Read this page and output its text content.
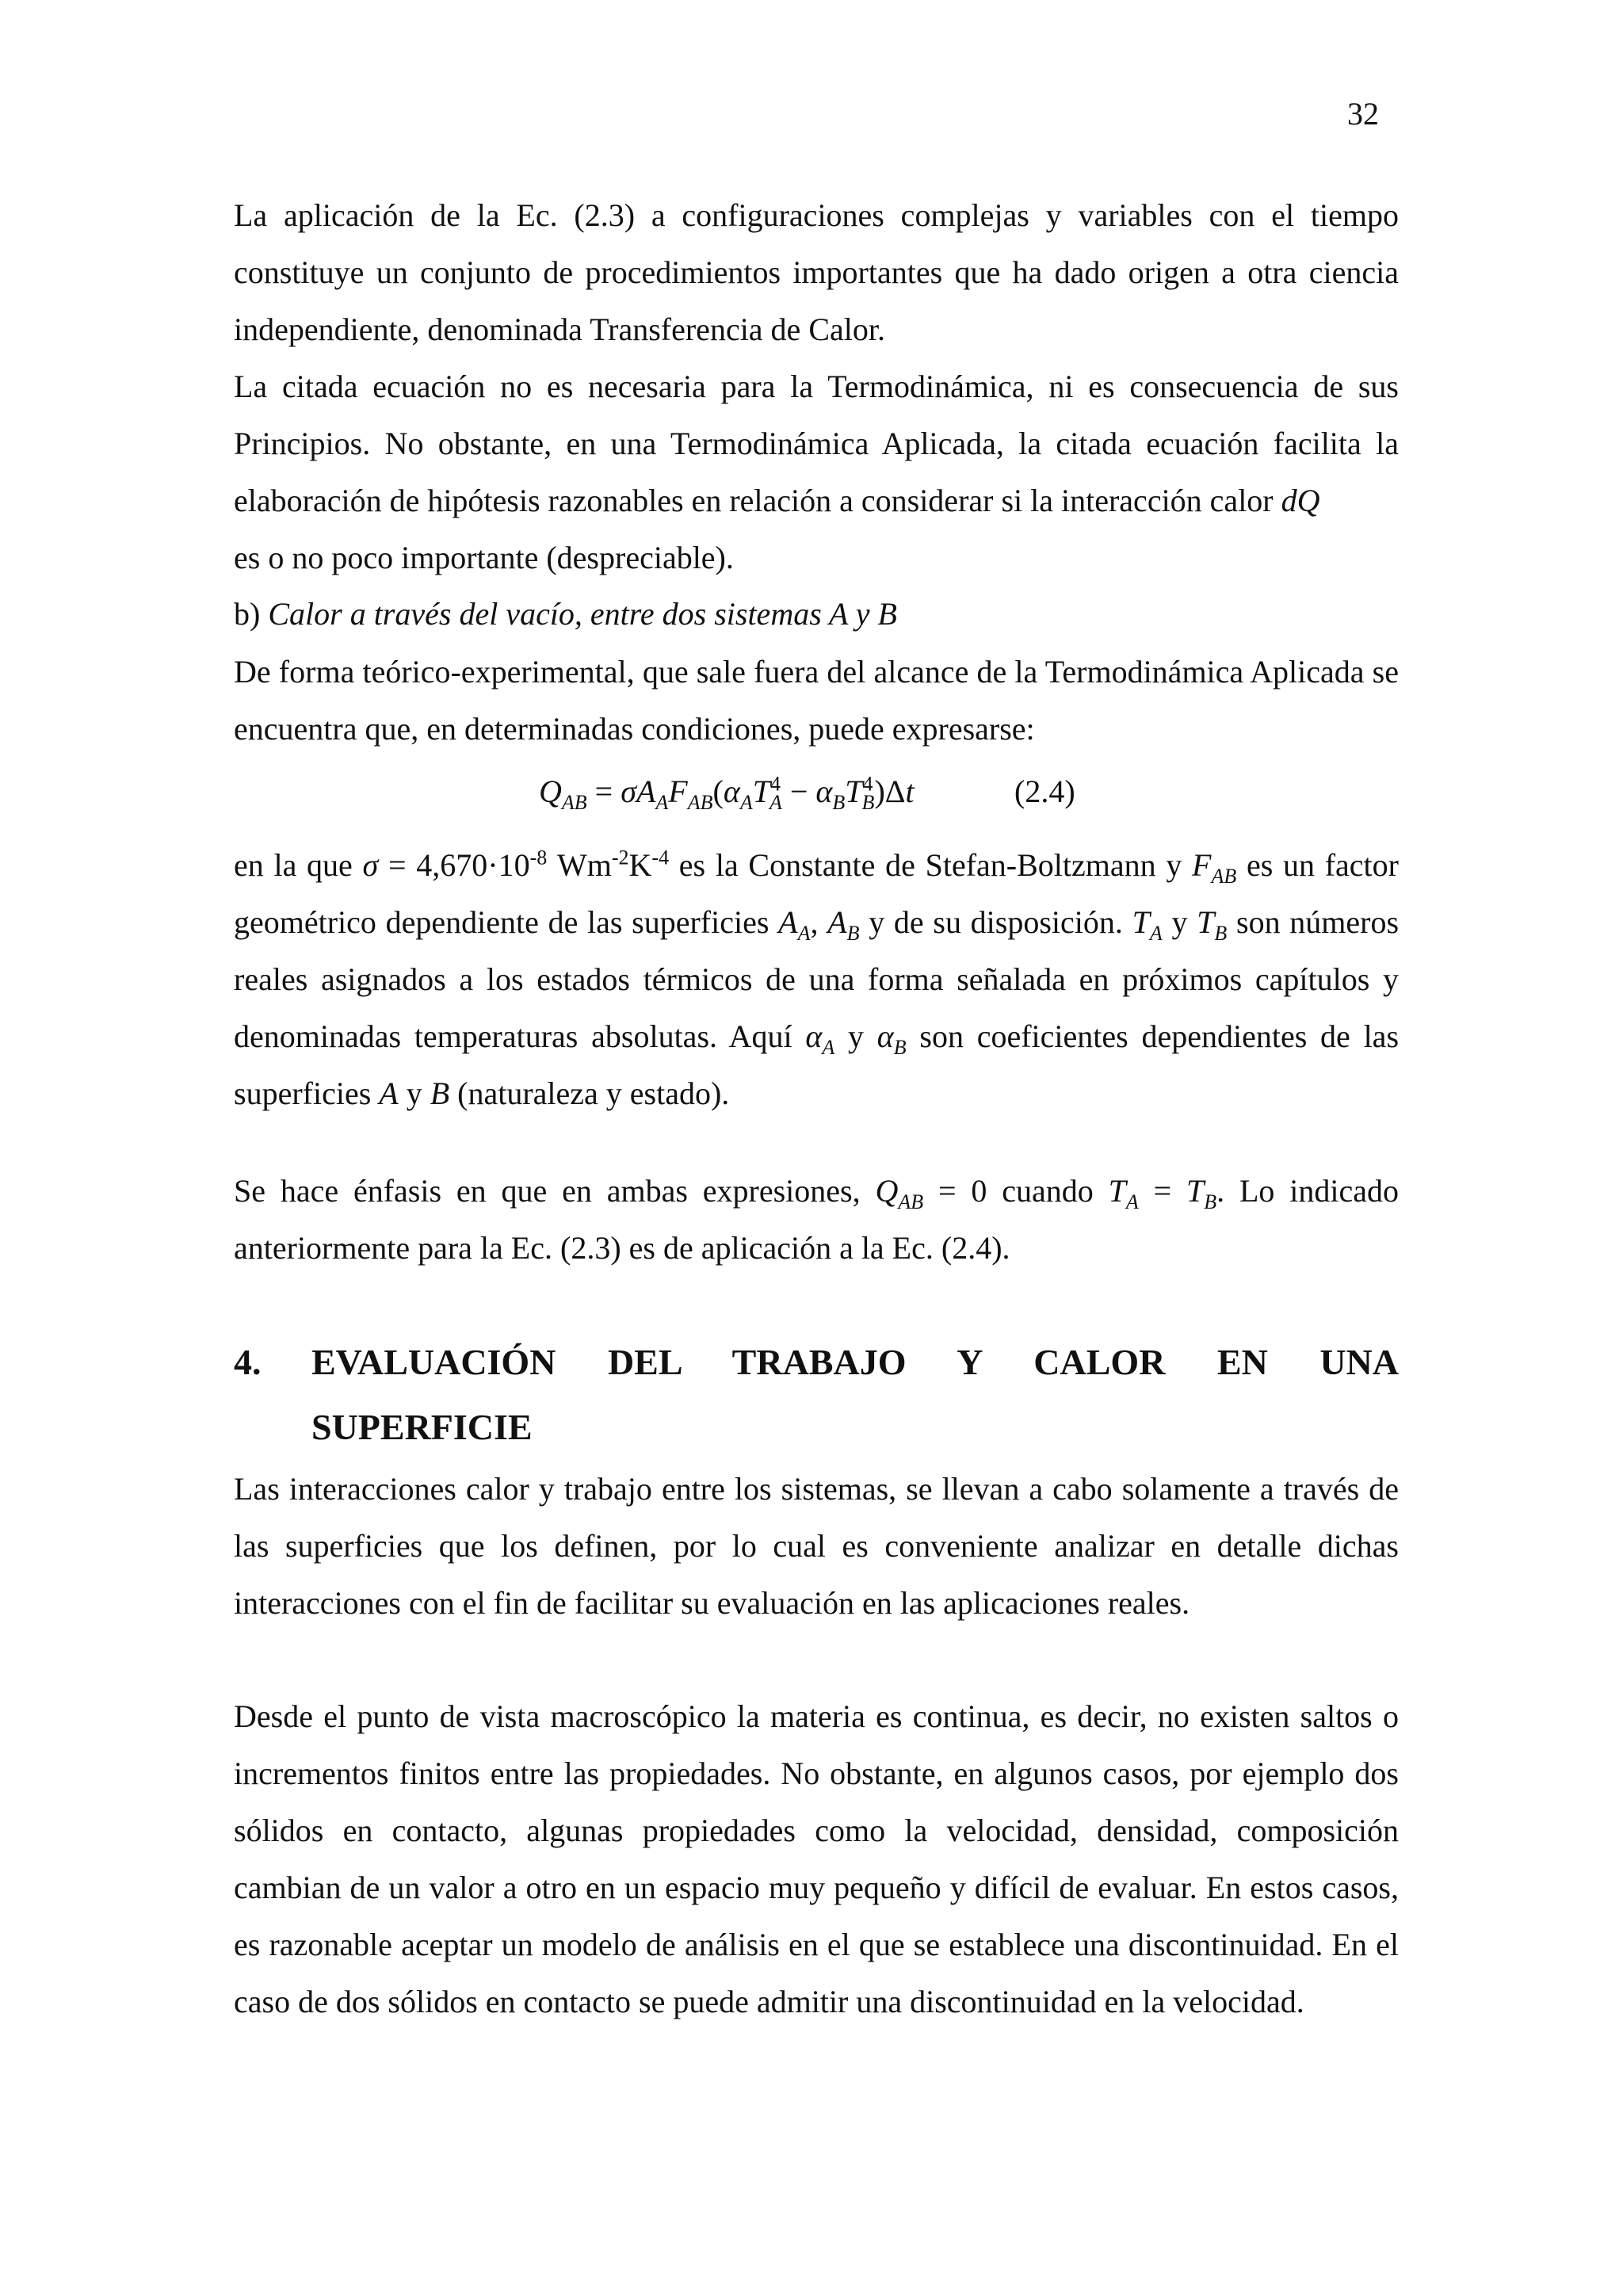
32

La aplicación de la Ec. (2.3) a configuraciones complejas y variables con el tiempo constituye un conjunto de procedimientos importantes que ha dado origen a otra ciencia independiente, denominada Transferencia de Calor.

La citada ecuación no es necesaria para la Termodinámica, ni es consecuencia de sus Principios. No obstante, en una Termodinámica Aplicada, la citada ecuación facilita la elaboración de hipótesis razonables en relación a considerar si la interacción calor dQ

es o no poco importante (despreciable).

b) Calor a través del vacío, entre dos sistemas A y B

De forma teórico-experimental, que sale fuera del alcance de la Termodinámica Aplicada se encuentra que, en determinadas condiciones, puede expresarse:

$Q_{AB} = \sigma A_AF_{AB}(\alpha_AT^4_A - \alpha_BT^4_B)\Delta t$	(2.4)

en la que $\sigma = 4,670\cdot 10^{-8}$ $Wm^{-2}K^{-4}$ es la Constante de Stefan-Boltzmann y $F_{AB}$ es un factor geométrico dependiente de las superficies $A_A$, $A_B$ y de su disposición. $T_A$ y $T_B$ son números reales asignados a los estados térmicos de una forma señalada en próximos capítulos y denominadas temperaturas absolutas. Aquí $\alpha_A$ y $\alpha_B$ son coeficientes dependientes de las superficies A y B (naturaleza y estado).

Se hace énfasis en que en ambas expresiones, $Q_{AB} = 0$ cuando $T_A = T_B$. Lo indicado anteriormente para la Ec. (2.3) es de aplicación a la Ec. (2.4).

4. EVALUACIÓN DEL TRABAJO Y CALOR EN UNA
SUPERFICIE

Las interacciones calor y trabajo entre los sistemas, se llevan a cabo solamente a través de las superficies que los definen, por lo cual es conveniente analizar en detalle dichas interacciones con el fin de facilitar su evaluación en las aplicaciones reales.

Desde el punto de vista macroscópico la materia es continua, es decir, no existen saltos o incrementos finitos entre las propiedades. No obstante, en algunos casos, por ejemplo dos sólidos en contacto, algunas propiedades como la velocidad, densidad, composición cambian de un valor a otro en un espacio muy pequeño y difícil de evaluar. En estos casos, es razonable aceptar un modelo de análisis en el que se establece una discontinuidad. En el caso de dos sólidos en contacto se puede admitir una discontinuidad en la velocidad.
